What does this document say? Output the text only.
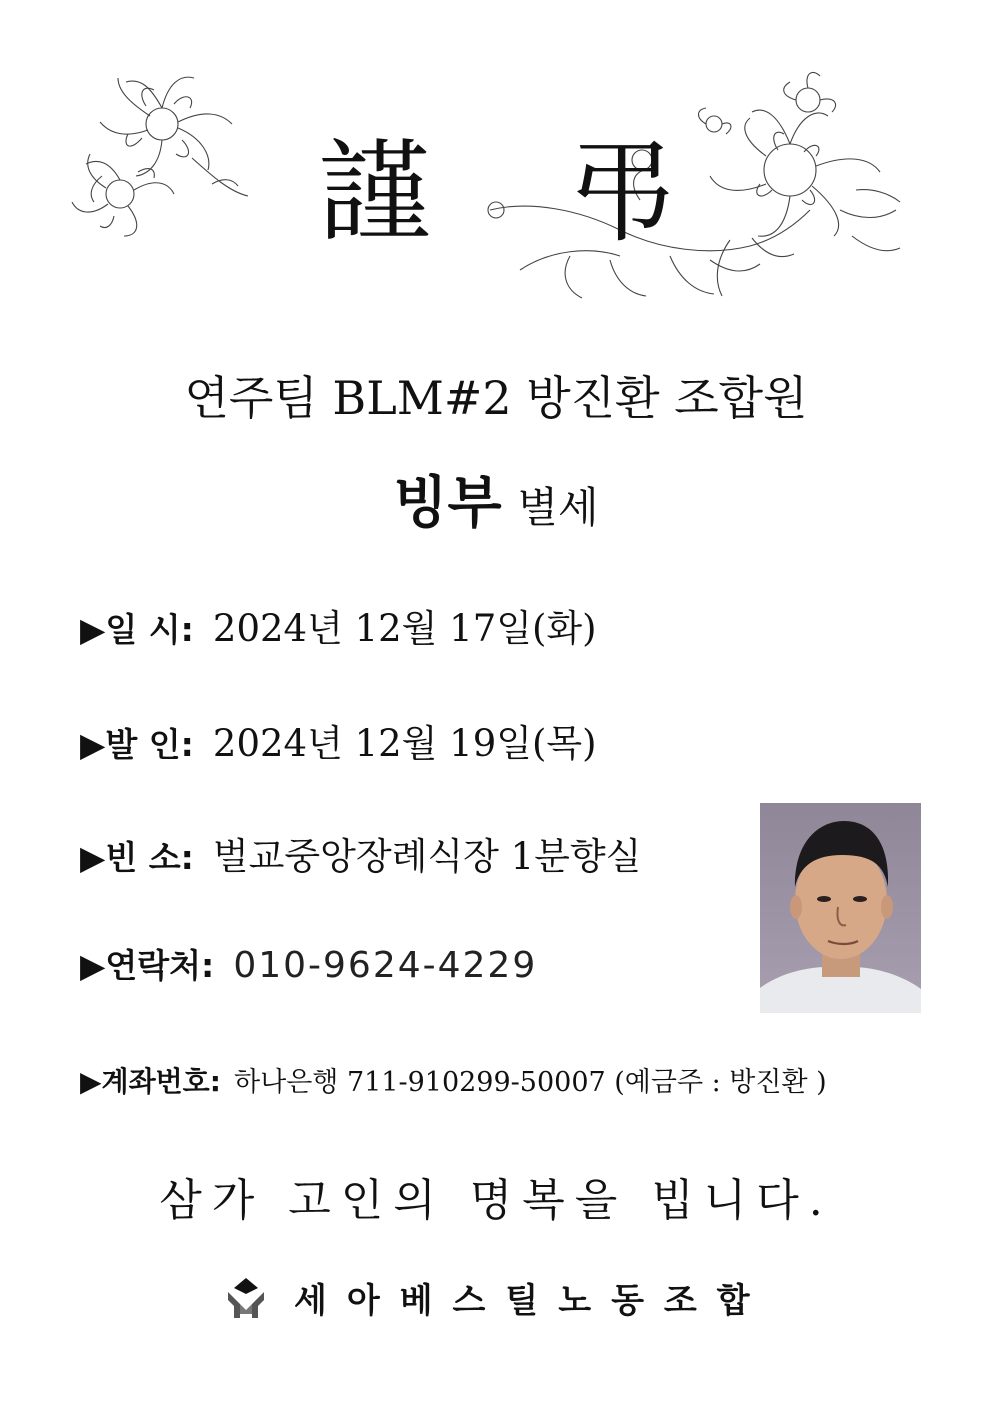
謹 弔
연주팀 BLM#2 방진환 조합원
빙부 별세
▶일 시: 2024년 12월 17일(화)
▶발 인: 2024년 12월 19일(목)
▶빈 소: 벌교중앙장례식장 1분향실
▶연락처: 010-9624-4229
▶계좌번호: 하나은행 711-910299-50007 (예금주 : 방진환 )
삼가 고인의 명복을 빕니다.
세아베스틸노동조합
